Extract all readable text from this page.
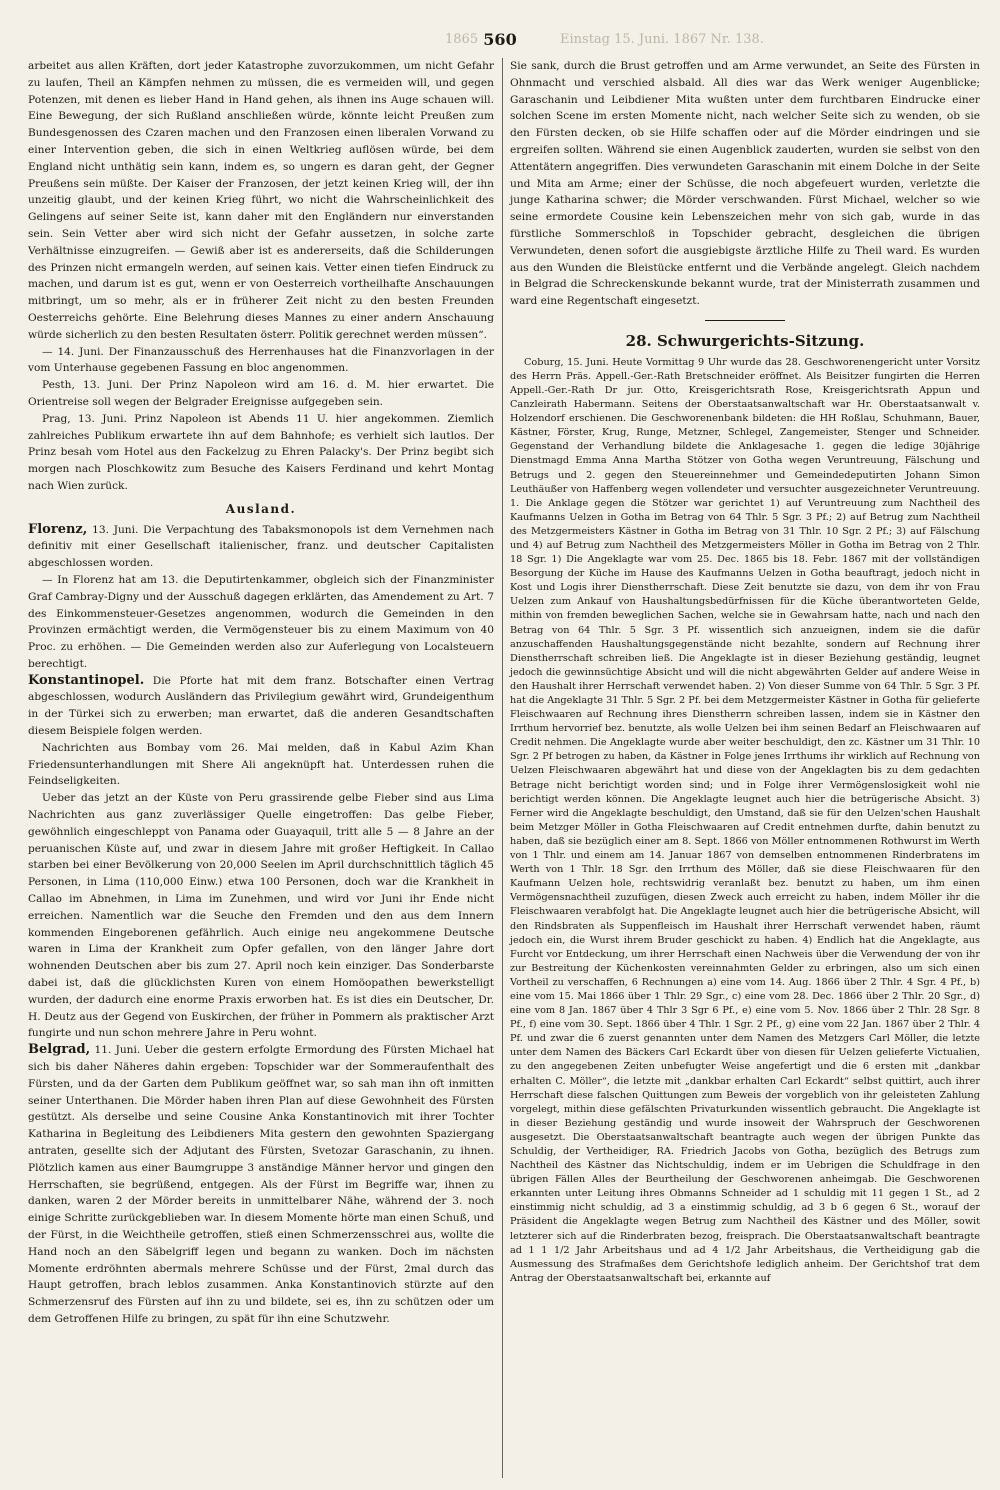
560	Einstag 15. Juni. 1867 Nr. 138.
1865

arbeitet aus allen Kräften, dort jeder Katastrophe zuvorzukommen, um nicht Gefahr zu laufen, Theil an Kämpfen nehmen zu müssen, die es vermeiden will, und gegen Potenzen, mit denen es lieber Hand in Hand gehen, als ihnen ins Auge schauen will. Eine Bewegung, der sich Rußland anschließen würde, könnte leicht Preußen zum Bundesgenossen des Czaren machen und den Franzosen einen liberalen Vorwand zu einer Intervention geben, die sich in einen Weltkrieg auflösen würde, bei dem England nicht unthätig sein kann, indem es, so ungern es daran geht, der Gegner Preußens sein müßte. Der Kaiser der Franzosen, der jetzt keinen Krieg will, der ihn unzeitig glaubt, und der keinen Krieg führt, wo nicht die Wahrscheinlichkeit des Gelingens auf seiner Seite ist, kann daher mit den Engländern nur einverstanden sein. Sein Vetter aber wird sich nicht der Gefahr aussetzen, in solche zarte Verhältnisse einzugreifen. — Gewiß aber ist es andererseits, daß die Schilderungen des Prinzen nicht ermangeln werden, auf seinen kais. Vetter einen tiefen Eindruck zu machen, und darum ist es gut, wenn er von Oesterreich vortheilhafte Anschauungen mitbringt, um so mehr, als er in früherer Zeit nicht zu den besten Freunden Oesterreichs gehörte. Eine Belehrung dieses Mannes zu einer andern Anschauung würde sicherlich zu den besten Resultaten österr. Politik gerechnet werden müssen“.

— 14. Juni. Der Finanzausschuß des Herrenhauses hat die Finanzvorlagen in der vom Unterhause gegebenen Fassung en bloc angenommen.

Pesth, 13. Juni. Der Prinz Napoleon wird am 16. d. M. hier erwartet. Die Orientreise soll wegen der Belgrader Ereignisse aufgegeben sein.

Prag, 13. Juni. Prinz Napoleon ist Abends 11 U. hier angekommen. Ziemlich zahlreiches Publikum erwartete ihn auf dem Bahnhofe; es verhielt sich lautlos. Der Prinz besah vom Hotel aus den Fackelzug zu Ehren Palacky's. Der Prinz begibt sich morgen nach Ploschkowitz zum Besuche des Kaisers Ferdinand und kehrt Montag nach Wien zurück.

Ausland.

Florenz, 13. Juni. Die Verpachtung des Tabaksmonopols ist dem Vernehmen nach definitiv mit einer Gesellschaft italienischer, franz. und deutscher Capitalisten abgeschlossen worden.

— In Florenz hat am 13. die Deputirtenkammer, obgleich sich der Finanzminister Graf Cambray-Digny und der Ausschuß dagegen erklärten, das Amendement zu Art. 7 des Einkommensteuer-Gesetzes angenommen, wodurch die Gemeinden in den Provinzen ermächtigt werden, die Vermögensteuer bis zu einem Maximum von 40 Proc. zu erhöhen. — Die Gemeinden werden also zur Auferlegung von Localsteuern berechtigt.

Konstantinopel. Die Pforte hat mit dem franz. Botschafter einen Vertrag abgeschlossen, wodurch Ausländern das Privilegium gewährt wird, Grundeigenthum in der Türkei sich zu erwerben; man erwartet, daß die anderen Gesandtschaften diesem Beispiele folgen werden.

Nachrichten aus Bombay vom 26. Mai melden, daß in Kabul Azim Khan Friedensunterhandlungen mit Shere Ali angeknüpft hat. Unterdessen ruhen die Feindseligkeiten.

Ueber das jetzt an der Küste von Peru grassirende gelbe Fieber sind aus Lima Nachrichten aus ganz zuverlässiger Quelle eingetroffen: Das gelbe Fieber, gewöhnlich eingeschleppt von Panama oder Guayaquil, tritt alle 5 — 8 Jahre an der peruanischen Küste auf, und zwar in diesem Jahre mit großer Heftigkeit. In Callao starben bei einer Bevölkerung von 20,000 Seelen im April durchschnittlich täglich 45 Personen, in Lima (110,000 Einw.) etwa 100 Personen, doch war die Krankheit in Callao im Abnehmen, in Lima im Zunehmen, und wird vor Juni ihr Ende nicht erreichen. Namentlich war die Seuche den Fremden und den aus dem Innern kommenden Eingeborenen gefährlich. Auch einige neu angekommene Deutsche waren in Lima der Krankheit zum Opfer gefallen, von den länger Jahre dort wohnenden Deutschen aber bis zum 27. April noch kein einziger. Das Sonderbarste dabei ist, daß die glücklichsten Kuren von einem Homöopathen bewerkstelligt wurden, der dadurch eine enorme Praxis erworben hat. Es ist dies ein Deutscher, Dr. H. Deutz aus der Gegend von Euskirchen, der früher in Pommern als praktischer Arzt fungirte und nun schon mehrere Jahre in Peru wohnt.

Belgrad, 11. Juni. Ueber die gestern erfolgte Ermordung des Fürsten Michael hat sich bis daher Näheres dahin ergeben: Topschider war der Sommeraufenthalt des Fürsten, und da der Garten dem Publikum geöffnet war, so sah man ihn oft inmitten seiner Unterthanen. Die Mörder haben ihren Plan auf diese Gewohnheit des Fürsten gestützt. Als derselbe und seine Cousine Anka Konstantinovich mit ihrer Tochter Katharina in Begleitung des Leibdieners Mita gestern den gewohnten Spaziergang antraten, gesellte sich der Adjutant des Fürsten, Svetozar Garaschanin, zu ihnen. Plötzlich kamen aus einer Baumgruppe 3 anständige Männer hervor und gingen den Herrschaften, sie begrüßend, entgegen. Als der Fürst im Begriffe war, ihnen zu danken, waren 2 der Mörder bereits in unmittelbarer Nähe, während der 3. noch einige Schritte zurückgeblieben war. In diesem Momente hörte man einen Schuß, und der Fürst, in die Weichtheile getroffen, stieß einen Schmerzensschrei aus, wollte die Hand noch an den Säbelgriff legen und begann zu wanken. Doch im nächsten Momente erdröhnten abermals mehrere Schüsse und der Fürst, 2mal durch das Haupt getroffen, brach leblos zusammen. Anka Konstantinovich stürzte auf den Schmerzensruf des Fürsten auf ihn zu und bildete, sei es, ihn zu schützen oder um dem Getroffenen Hilfe zu bringen, zu spät für ihn eine Schutzwehr.

Sie sank, durch die Brust getroffen und am Arme verwundet, an Seite des Fürsten in Ohnmacht und verschied alsbald. All dies war das Werk weniger Augenblicke; Garaschanin und Leibdiener Mita wußten unter dem furchtbaren Eindrucke einer solchen Scene im ersten Momente nicht, nach welcher Seite sich zu wenden, ob sie den Fürsten decken, ob sie Hilfe schaffen oder auf die Mörder eindringen und sie ergreifen sollten. Während sie einen Augenblick zauderten, wurden sie selbst von den Attentätern angegriffen. Dies verwundeten Garaschanin mit einem Dolche in der Seite und Mita am Arme; einer der Schüsse, die noch abgefeuert wurden, verletzte die junge Katharina schwer; die Mörder verschwanden. Fürst Michael, welcher so wie seine ermordete Cousine kein Lebenszeichen mehr von sich gab, wurde in das fürstliche Sommerschloß in Topschider gebracht, desgleichen die übrigen Verwundeten, denen sofort die ausgiebigste ärztliche Hilfe zu Theil ward. Es wurden aus den Wunden die Bleistücke entfernt und die Verbände angelegt. Gleich nachdem in Belgrad die Schreckenskunde bekannt wurde, trat der Ministerrath zusammen und ward eine Regentschaft eingesetzt.

28. Schwurgerichts-Sitzung.

Coburg, 15. Juni. Heute Vormittag 9 Uhr wurde das 28. Geschworenengericht unter Vorsitz des Herrn Präs. Appell.-Ger.-Rath Bretschneider eröffnet. Als Beisitzer fungirten die Herren Appell.-Ger.-Rath Dr jur. Otto, Kreisgerichtsrath Rose, Kreisgerichtsrath Appun und Canzleirath Habermann. Seitens der Oberstaatsanwaltschaft war Hr. Oberstaatsanwalt v. Holzendorf erschienen. Die Geschworenenbank bildeten: die HH Roßlau, Schuhmann, Bauer, Kästner, Förster, Krug, Runge, Metzner, Schlegel, Zangemeister, Stenger und Schneider. Gegenstand der Verhandlung bildete die Anklagesache 1. gegen die ledige 30jährige Dienstmagd Emma Anna Martha Stötzer von Gotha wegen Veruntreuung, Fälschung und Betrugs und 2. gegen den Steuereinnehmer und Gemeindedeputirten Johann Simon Leuthäußer von Haffenberg wegen vollendeter und versuchter ausgezeichneter Veruntreuung. 1. Die Anklage gegen die Stötzer war gerichtet 1) auf Veruntreuung zum Nachtheil des Kaufmanns Uelzen in Gotha im Betrag von 64 Thlr. 5 Sgr. 3 Pf.; 2) auf Betrug zum Nachtheil des Metzgermeisters Kästner in Gotha im Betrag von 31 Thlr. 10 Sgr. 2 Pf.; 3) auf Fälschung und 4) auf Betrug zum Nachtheil des Metzgermeisters Möller in Gotha im Betrag von 2 Thlr. 18 Sgr. 1) Die Angeklagte war vom 25. Dec. 1865 bis 18. Febr. 1867 mit der vollständigen Besorgung der Küche im Hause des Kaufmanns Uelzen in Gotha beauftragt, jedoch nicht in Kost und Logis ihrer Dienstherrschaft. Diese Zeit benutzte sie dazu, von dem ihr von Frau Uelzen zum Ankauf von Haushaltungsbedürfnissen für die Küche überantworteten Gelde, mithin von fremden beweglichen Sachen, welche sie in Gewahrsam hatte, nach und nach den Betrag von 64 Thlr. 5 Sgr. 3 Pf. wissentlich sich anzueignen, indem sie die dafür anzuschaffenden Haushaltungsgegenstände nicht bezahlte, sondern auf Rechnung ihrer Dienstherrschaft schreiben ließ. Die Angeklagte ist in dieser Beziehung geständig, leugnet jedoch die gewinnsüchtige Absicht und will die nicht abgewährten Gelder auf andere Weise in den Haushalt ihrer Herrschaft verwendet haben. 2) Von dieser Summe von 64 Thlr. 5 Sgr. 3 Pf. hat die Angeklagte 31 Thlr. 5 Sgr. 2 Pf. bei dem Metzgermeister Kästner in Gotha für gelieferte Fleischwaaren auf Rechnung ihres Dienstherrn schreiben lassen, indem sie in Kästner den Irrthum hervorrief bez. benutzte, als wolle Uelzen bei ihm seinen Bedarf an Fleischwaaren auf Credit nehmen. Die Angeklagte wurde aber weiter beschuldigt, den zc. Kästner um 31 Thlr. 10 Sgr. 2 Pf betrogen zu haben, da Kästner in Folge jenes Irrthums ihr wirklich auf Rechnung von Uelzen Fleischwaaren abgewährt hat und diese von der Angeklagten bis zu dem gedachten Betrage nicht berichtigt worden sind; und in Folge ihrer Vermögenslosigkeit wohl nie berichtigt werden können. Die Angeklagte leugnet auch hier die betrügerische Absicht. 3) Ferner wird die Angeklagte beschuldigt, den Umstand, daß sie für den Uelzen'schen Haushalt beim Metzger Möller in Gotha Fleischwaaren auf Credit entnehmen durfte, dahin benutzt zu haben, daß sie bezüglich einer am 8. Sept. 1866 von Möller entnommenen Rothwurst im Werth von 1 Thlr. und einem am 14. Januar 1867 von demselben entnommenen Rinderbratens im Werth von 1 Thlr. 18 Sgr. den Irrthum des Möller, daß sie diese Fleischwaaren für den Kaufmann Uelzen hole, rechtswidrig veranlaßt bez. benutzt zu haben, um ihm einen Vermögensnachtheil zuzufügen, diesen Zweck auch erreicht zu haben, indem Möller ihr die Fleischwaaren verabfolgt hat. Die Angeklagte leugnet auch hier die betrügerische Absicht, will den Rindsbraten als Suppenfleisch im Haushalt ihrer Herrschaft verwendet haben, räumt jedoch ein, die Wurst ihrem Bruder geschickt zu haben. 4) Endlich hat die Angeklagte, aus Furcht vor Entdeckung, um ihrer Herrschaft einen Nachweis über die Verwendung der von ihr zur Bestreitung der Küchenkosten vereinnahmten Gelder zu erbringen, also um sich einen Vortheil zu verschaffen, 6 Rechnungen a) eine vom 14. Aug. 1866 über 2 Thlr. 4 Sgr. 4 Pf., b) eine vom 15. Mai 1866 über 1 Thlr. 29 Sgr., c) eine vom 28. Dec. 1866 über 2 Thlr. 20 Sgr., d) eine vom 8 Jan. 1867 über 4 Thlr 3 Sgr 6 Pf., e) eine vom 5. Nov. 1866 über 2 Thlr. 28 Sgr. 8 Pf., f) eine vom 30. Sept. 1866 über 4 Thlr. 1 Sgr. 2 Pf., g) eine vom 22 Jan. 1867 über 2 Thlr. 4 Pf. und zwar die 6 zuerst genannten unter dem Namen des Metzgers Carl Möller, die letzte unter dem Namen des Bäckers Carl Eckardt über von diesen für Uelzen gelieferte Victualien, zu den angegebenen Zeiten unbefugter Weise angefertigt und die 6 ersten mit „dankbar erhalten C. Möller“, die letzte mit „dankbar erhalten Carl Eckardt“ selbst quittirt, auch ihrer Herrschaft diese falschen Quittungen zum Beweis der vorgeblich von ihr geleisteten Zahlung vorgelegt, mithin diese gefälschten Privaturkunden wissentlich gebraucht. Die Angeklagte ist in dieser Beziehung geständig und wurde insoweit der Wahrspruch der Geschworenen ausgesetzt. Die Oberstaatsanwaltschaft beantragte auch wegen der übrigen Punkte das Schuldig, der Vertheidiger, RA. Friedrich Jacobs von Gotha, bezüglich des Betrugs zum Nachtheil des Kästner das Nichtschuldig, indem er im Uebrigen die Schuldfrage in den übrigen Fällen Alles der Beurtheilung der Geschworenen anheimgab. Die Geschworenen erkannten unter Leitung ihres Obmanns Schneider ad 1 schuldig mit 11 gegen 1 St., ad 2 einstimmig nicht schuldig, ad 3 a einstimmig schuldig, ad 3 b 6 gegen 6 St., worauf der Präsident die Angeklagte wegen Betrug zum Nachtheil des Kästner und des Möller, sowit letzterer sich auf die Rinderbraten bezog, freisprach. Die Oberstaatsanwaltschaft beantragte ad 1 1 1/2 Jahr Arbeitshaus und ad 4 1/2 Jahr Arbeitshaus, die Vertheidigung gab die Ausmessung des Strafmaßes dem Gerichtshofe lediglich anheim. Der Gerichtshof trat dem Antrag der Oberstaatsanwaltschaft bei, erkannte auf
